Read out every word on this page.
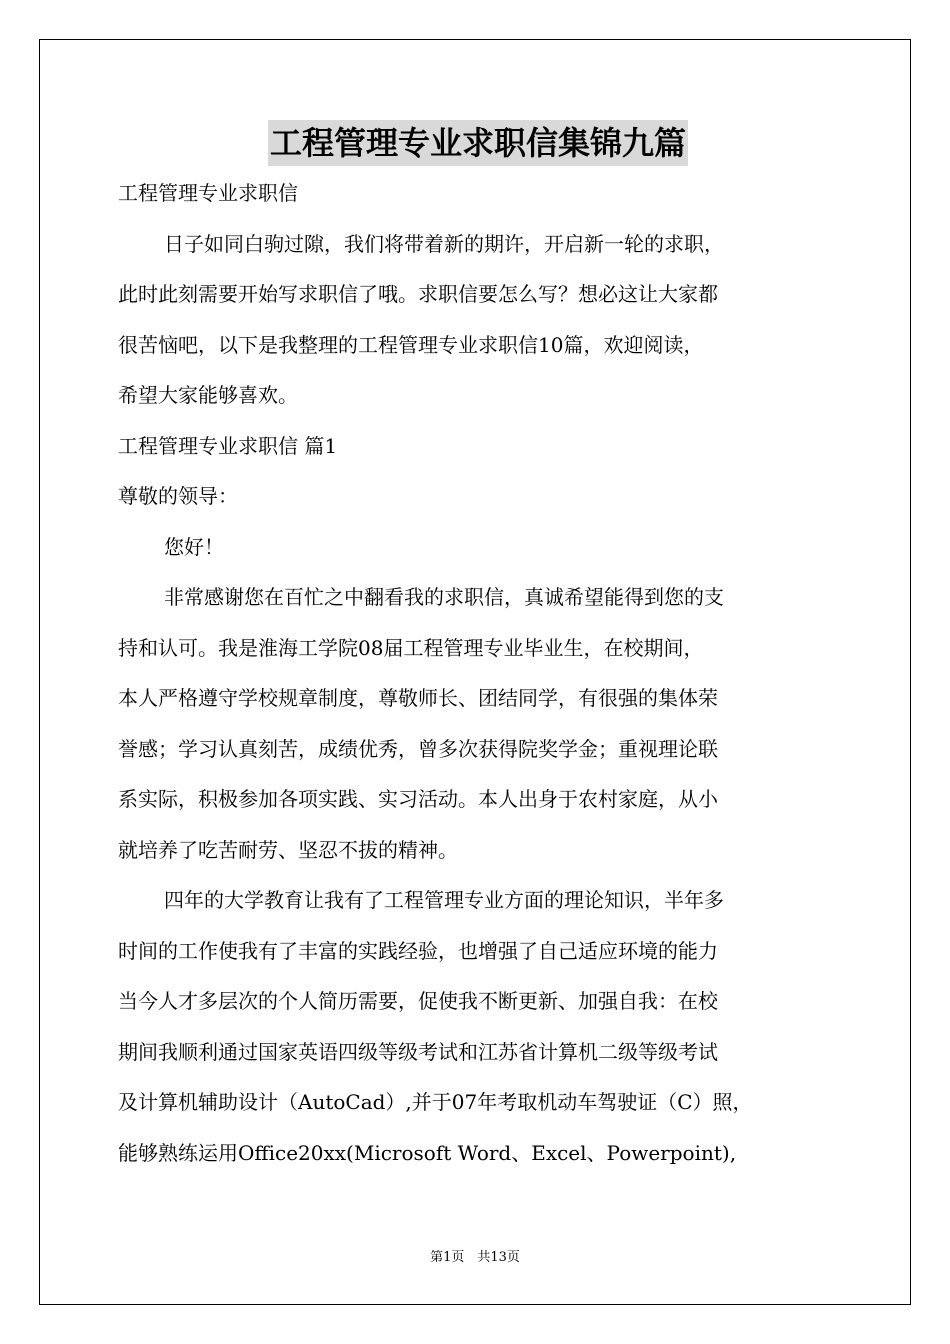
工程管理专业求职信集锦九篇

工程管理专业求职信

日子如同白驹过隙，我们将带着新的期许，开启新一轮的求职，

此时此刻需要开始写求职信了哦。求职信要怎么写？想必这让大家都

很苦恼吧，以下是我整理的工程管理专业求职信10篇，欢迎阅读，

希望大家能够喜欢。

工程管理专业求职信 篇1

尊敬的领导：

您好！

非常感谢您在百忙之中翻看我的求职信，真诚希望能得到您的支

持和认可。我是淮海工学院08届工程管理专业毕业生，在校期间，

本人严格遵守学校规章制度，尊敬师长、团结同学，有很强的集体荣

誉感；学习认真刻苦，成绩优秀，曾多次获得院奖学金；重视理论联

系实际，积极参加各项实践、实习活动。本人出身于农村家庭，从小

就培养了吃苦耐劳、坚忍不拔的精神。

四年的大学教育让我有了工程管理专业方面的理论知识，半年多

时间的工作使我有了丰富的实践经验，也增强了自己适应环境的能力

当今人才多层次的个人简历需要，促使我不断更新、加强自我：在校

期间我顺利通过国家英语四级等级考试和江苏省计算机二级等级考试

及计算机辅助设计（AutoCad）,并于07年考取机动车驾驶证（C）照，

能够熟练运用Office20xx(Microsoft Word、Excel、Powerpoint),

第1页　共13页
